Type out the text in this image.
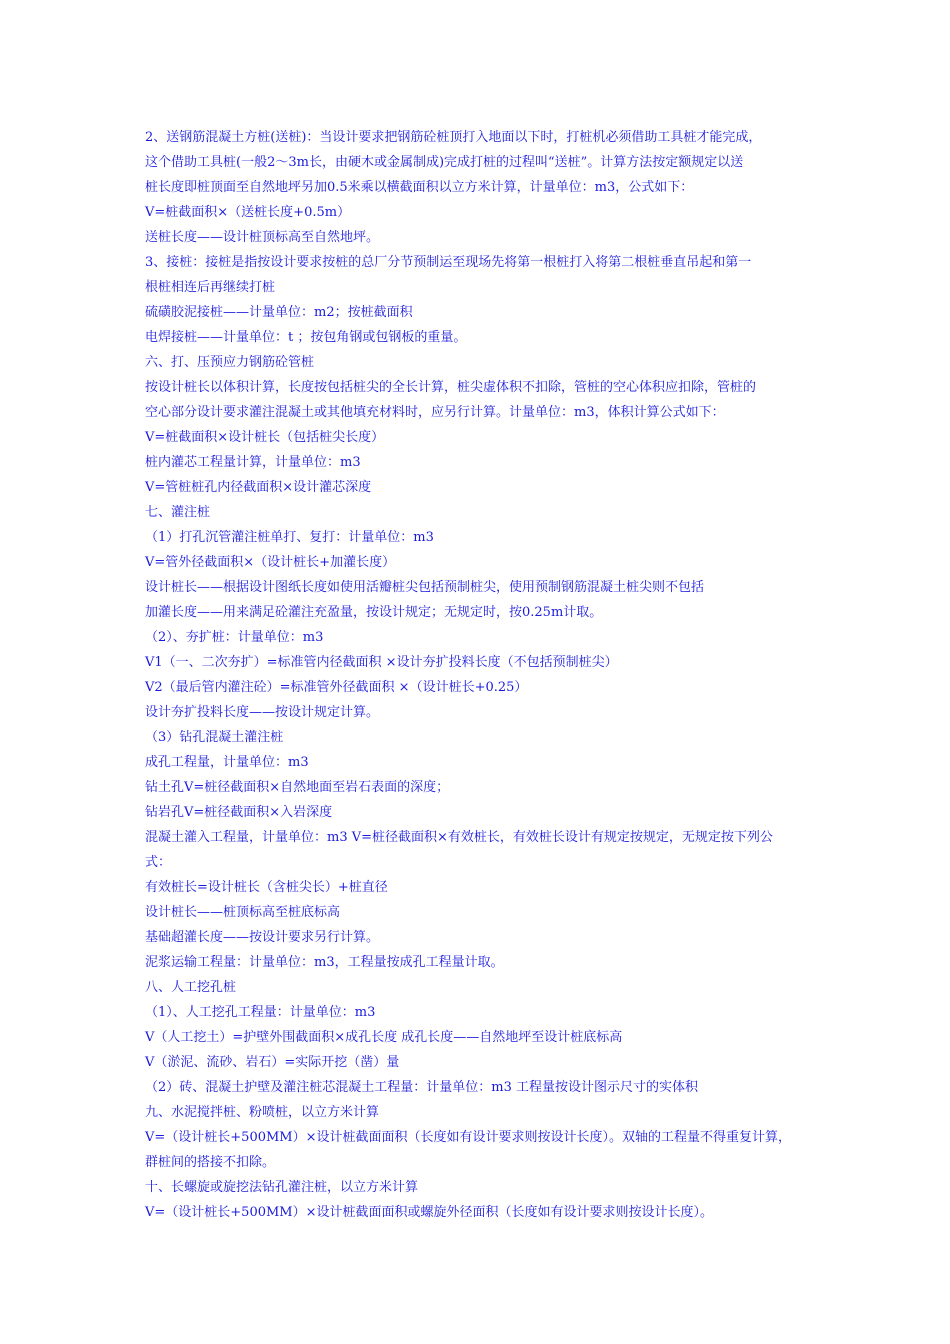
2、送钢筋混凝土方桩(送桩)：当设计要求把钢筋砼桩顶打入地面以下时，打桩机必须借助工具桩才能完成，
这个借助工具桩(一般2～3m长，由硬木或金属制成)完成打桩的过程叫“送桩”。计算方法按定额规定以送
桩长度即桩顶面至自然地坪另加0.5米乘以横截面积以立方米计算，计量单位：m3，公式如下：
V=桩截面积×（送桩长度+0.5m）
送桩长度——设计桩顶标高至自然地坪。
3、接桩：接桩是指按设计要求按桩的总厂分节预制运至现场先将第一根桩打入将第二根桩垂直吊起和第一
根桩相连后再继续打桩
硫磺胶泥接桩——计量单位：m2；按桩截面积
电焊接桩——计量单位：t ；按包角钢或包钢板的重量。
六、打、压预应力钢筋砼管桩
按设计桩长以体积计算，长度按包括桩尖的全长计算，桩尖虚体积不扣除，管桩的空心体积应扣除，管桩的
空心部分设计要求灌注混凝土或其他填充材料时，应另行计算。计量单位：m3，体积计算公式如下：
V=桩截面积×设计桩长（包括桩尖长度）
桩内灌芯工程量计算，计量单位：m3
V=管桩桩孔内径截面积×设计灌芯深度
七、灌注桩
（1）打孔沉管灌注桩单打、复打：计量单位：m3
V=管外径截面积×（设计桩长+加灌长度）
设计桩长——根据设计图纸长度如使用活瓣桩尖包括预制桩尖，使用预制钢筋混凝土桩尖则不包括
加灌长度——用来满足砼灌注充盈量，按设计规定；无规定时，按0.25m计取。
（2）、夯扩桩：计量单位：m3
V1（一、二次夯扩）=标准管内径截面积 ×设计夯扩投料长度（不包括预制桩尖）
V2（最后管内灌注砼）=标准管外径截面积 ×（设计桩长+0.25）
设计夯扩投料长度——按设计规定计算。
（3）钻孔混凝土灌注桩
成孔工程量，计量单位：m3
钻土孔V=桩径截面积×自然地面至岩石表面的深度；
钻岩孔V=桩径截面积×入岩深度
混凝土灌入工程量，计量单位：m3 V=桩径截面积×有效桩长，有效桩长设计有规定按规定，无规定按下列公
式：
有效桩长=设计桩长（含桩尖长）+桩直径
设计桩长——桩顶标高至桩底标高
基础超灌长度——按设计要求另行计算。
泥浆运输工程量：计量单位：m3，工程量按成孔工程量计取。
八、人工挖孔桩
（1）、人工挖孔工程量：计量单位：m3
V（人工挖土）=护壁外围截面积×成孔长度 成孔长度——自然地坪至设计桩底标高
V（淤泥、流砂、岩石）=实际开挖（凿）量
（2）砖、混凝土护壁及灌注桩芯混凝土工程量：计量单位：m3 工程量按设计图示尺寸的实体积
九、水泥搅拌桩、粉喷桩，以立方米计算
V=（设计桩长+500MM）×设计桩截面面积（长度如有设计要求则按设计长度）。双轴的工程量不得重复计算，
群桩间的搭接不扣除。
十、长螺旋或旋挖法钻孔灌注桩，以立方米计算
V=（设计桩长+500MM）×设计桩截面面积或螺旋外径面积（长度如有设计要求则按设计长度）。
